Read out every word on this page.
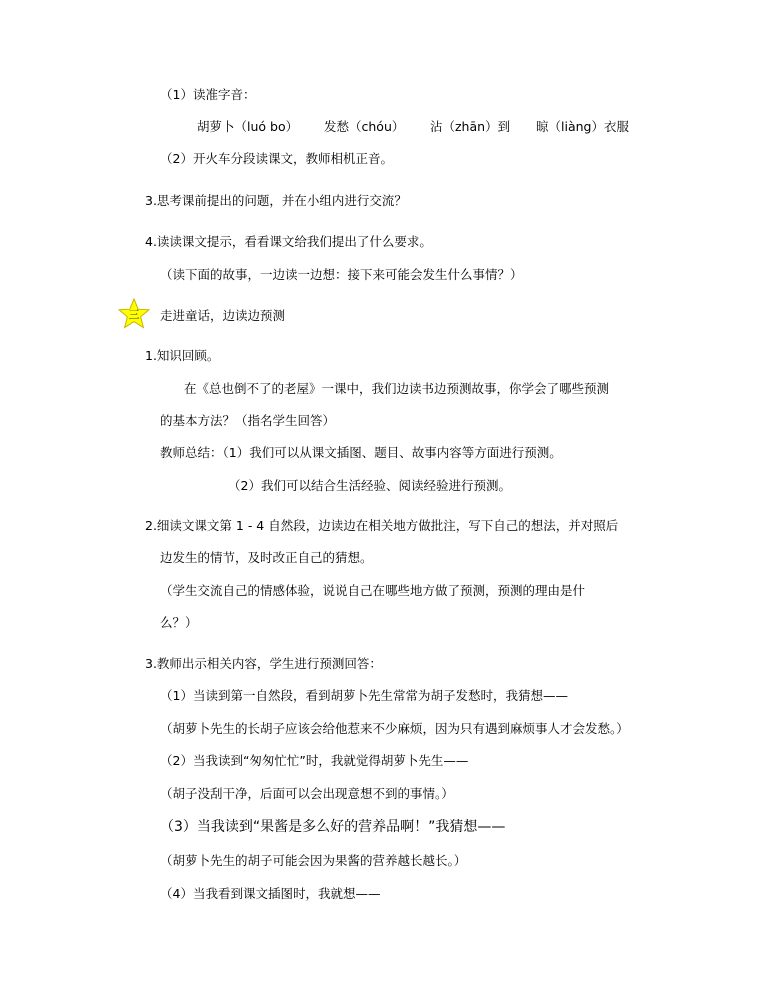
（1）读准字音：
胡萝卜（luó bo） 发愁（chóu） 沾（zhān）到 晾（liàng）衣服
（2）开火车分段读课文，教师相机正音。
3.思考课前提出的问题，并在小组内进行交流？
4.读读课文提示，看看课文给我们提出了什么要求。
（读下面的故事，一边读一边想：接下来可能会发生什么事情？）
三	走进童话，边读边预测
1.知识回顾。
在《总也倒不了的老屋》一课中，我们边读书边预测故事，你学会了哪些预测
的基本方法？（指名学生回答）
教师总结：（1）我们可以从课文插图、题目、故事内容等方面进行预测。
（2）我们可以结合生活经验、阅读经验进行预测。
2.细读文课文第 1 - 4 自然段，边读边在相关地方做批注，写下自己的想法，并对照后
边发生的情节，及时改正自己的猜想。
（学生交流自己的情感体验，说说自己在哪些地方做了预测，预测的理由是什
么？）
3.教师出示相关内容，学生进行预测回答：
（1）当读到第一自然段，看到胡萝卜先生常常为胡子发愁时，我猜想——
（胡萝卜先生的长胡子应该会给他惹来不少麻烦，因为只有遇到麻烦事人才会发愁。）
（2）当我读到“匆匆忙忙”时，我就觉得胡萝卜先生——
（胡子没刮干净，后面可以会出现意想不到的事情。）
（3）当我读到“果酱是多么好的营养品啊！”我猜想——
（胡萝卜先生的胡子可能会因为果酱的营养越长越长。）
（4）当我看到课文插图时，我就想——
